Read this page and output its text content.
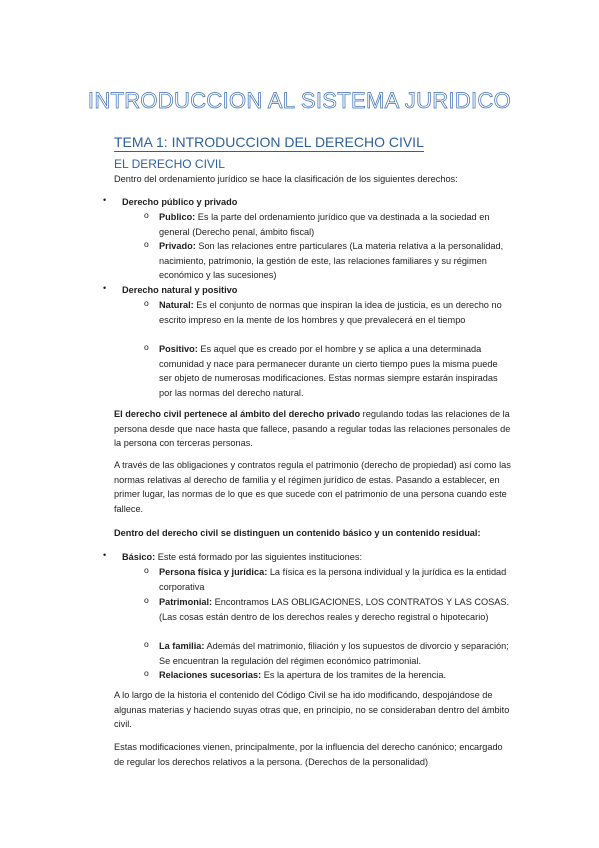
INTRODUCCION AL SISTEMA JURIDICO
TEMA 1: INTRODUCCION DEL DERECHO CIVIL
EL DERECHO CIVIL
Dentro del ordenamiento jurídico se hace la clasificación de los siguientes derechos:
• Derecho público y privado
o Publico: Es la parte del ordenamiento jurídico que va destinada a la sociedad en general (Derecho penal, ámbito fiscal)
o Privado: Son las relaciones entre particulares (La materia relativa a la personalidad, nacimiento, patrimonio, la gestión de este, las relaciones familiares y su régimen económico y las sucesiones)
• Derecho natural y positivo
o Natural: Es el conjunto de normas que inspiran la idea de justicia, es un derecho no escrito impreso en la mente de los hombres y que prevalecerá en el tiempo
o Positivo: Es aquel que es creado por el hombre y se aplica a una determinada comunidad y nace para permanecer durante un cierto tiempo pues la misma puede ser objeto de numerosas modificaciones. Estas normas siempre estarán inspiradas por las normas del derecho natural.
El derecho civil pertenece al ámbito del derecho privado regulando todas las relaciones de la persona desde que nace hasta que fallece, pasando a regular todas las relaciones personales de la persona con terceras personas.
A través de las obligaciones y contratos regula el patrimonio (derecho de propiedad) así como las normas relativas al derecho de familia y el régimen jurídico de estas. Pasando a establecer, en primer lugar, las normas de lo que es que sucede con el patrimonio de una persona cuando este fallece.
Dentro del derecho civil se distinguen un contenido básico y un contenido residual:
• Básico: Este está formado por las siguientes instituciones:
o Persona física y jurídica: La física es la persona individual y la jurídica es la entidad corporativa
o Patrimonial: Encontramos LAS OBLIGACIONES, LOS CONTRATOS Y LAS COSAS. (Las cosas están dentro de los derechos reales y derecho registral o hipotecario)
o La familia: Además del matrimonio, filiación y los supuestos de divorcio y separación; Se encuentran la regulación del régimen económico patrimonial.
o Relaciones sucesorias: Es la apertura de los tramites de la herencia.
A lo largo de la historia el contenido del Código Civil se ha ido modificando, despojándose de algunas materias y haciendo suyas otras que, en principio, no se consideraban dentro del ámbito civil.
Estas modificaciones vienen, principalmente, por la influencia del derecho canónico; encargado de regular los derechos relativos a la persona. (Derechos de la personalidad)
